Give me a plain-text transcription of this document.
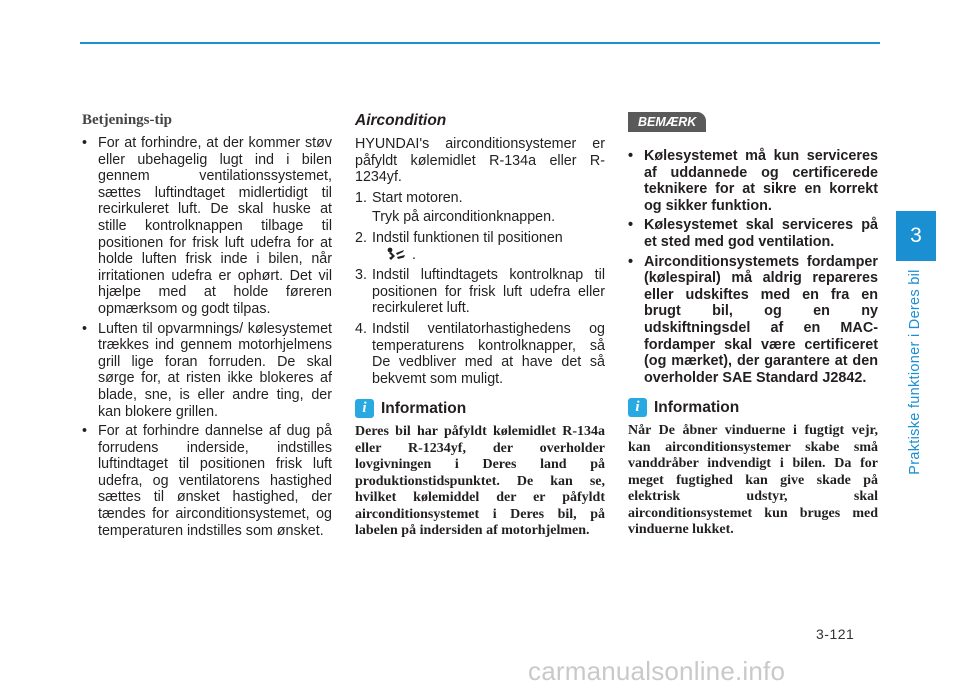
Betjenings-tip
• For at forhindre, at der kommer støv eller ubehagelig lugt ind i bilen gennem ventilationssystemet, sættes luftindtaget midlertidigt til recirkuleret luft. De skal huske at stille kontrolknappen tilbage til positionen for frisk luft udefra for at holde luften frisk inde i bilen, når irritationen udefra er ophørt. Det vil hjælpe med at holde føreren opmærksom og godt tilpas.
• Luften til opvarmnings/ kølesystemet trækkes ind gennem motorhjelmens grill lige foran forruden. De skal sørge for, at risten ikke blokeres af blade, sne, is eller andre ting, der kan blokere grillen.
• For at forhindre dannelse af dug på forrudens inderside, indstilles luftindtaget til positionen frisk luft udefra, og ventilatorens hastighed sættes til ønsket hastighed, der tændes for airconditionsystemet, og temperaturen indstilles som ønsket.
Aircondition

HYUNDAI's airconditionsystemer er påfyldt kølemidlet R-134a eller R-1234yf.

1. Start motoren.
Tryk på airconditionknappen.
2. Indstil funktionen til positionen
.
3. Indstil luftindtagets kontrolknap til positionen for frisk luft udefra eller recirkuleret luft.
4. Indstil ventilatorhastighedens og temperaturens kontrolknapper, så De vedbliver med at have det så bekvemt som muligt.
i Information

Deres bil har påfyldt kølemidlet R-134a eller R-1234yf, der overholder lovgivningen i Deres land på produktionstidspunktet. De kan se, hvilket kølemiddel der er påfyldt airconditionsystemet i Deres bil, på labelen på indersiden af motorhjelmen.

BEMÆRK
• Kølesystemet må kun serviceres af uddannede og certificerede teknikere for at sikre en korrekt og sikker funktion.
• Kølesystemet skal serviceres på et sted med god ventilation.
• Airconditionsystemets fordamper (kølespiral) må aldrig repareres eller udskiftes med en fra en brugt bil, og en ny udskiftningsdel af en MAC-fordamper skal være certificeret (og mærket), der garantere at den overholder SAE Standard J2842.
i Information

Når De åbner vinduerne i fugtigt vejr, kan airconditionsystemer skabe små vanddråber indvendigt i bilen. Da for meget fugtighed kan give skade på elektrisk udstyr, skal airconditionsystemet kun bruges med vinduerne lukket.

3
Praktiske funktioner i Deres bil
3-121
carmanualsonline.info
